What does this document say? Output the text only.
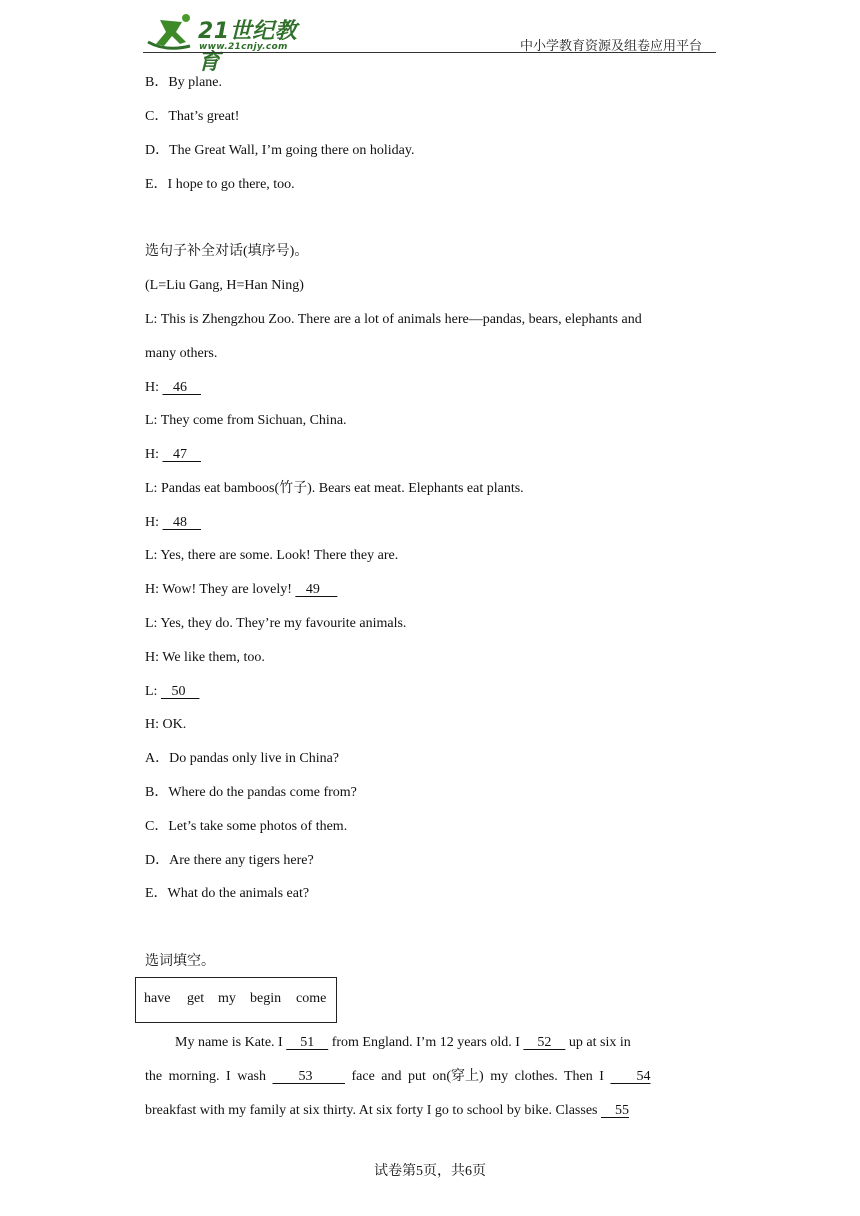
21世纪教育
www.21cnjy.com	中小学教育资源及组卷应用平台
B．By plane.
C．That’s great!
D．The Great Wall, I’m going there on holiday.
E．I hope to go there, too.
选句子补全对话(填序号)。
(L=Liu Gang, H=Han Ning)
L: This is Zhengzhou Zoo. There are a lot of animals here—pandas, bears, elephants and
many others.
H:    46
L: They come from Sichuan, China.
H:    47
L: Pandas eat bamboos(竹子). Bears eat meat. Elephants eat plants.
H:    48
L: Yes, there are some. Look! There they are.
H: Wow! They are lovely!    49
L: Yes, they do. They’re my favourite animals.
H: We like them, too.
L:    50
H: OK.
A．Do pandas only live in China?
B．Where do the pandas come from?
C．Let’s take some photos of them.
D．Are there any tigers here?
E．What do the animals eat?
选词填空。
have get my begin come
My name is Kate. I     51     from England. I’m 12 years old. I     52     up at six in
the morning. I wash     53      face and put on(穿上) my clothes. Then I     54
breakfast with my family at six thirty. At six forty I go to school by bike. Classes     55
试卷第5页，共6页
